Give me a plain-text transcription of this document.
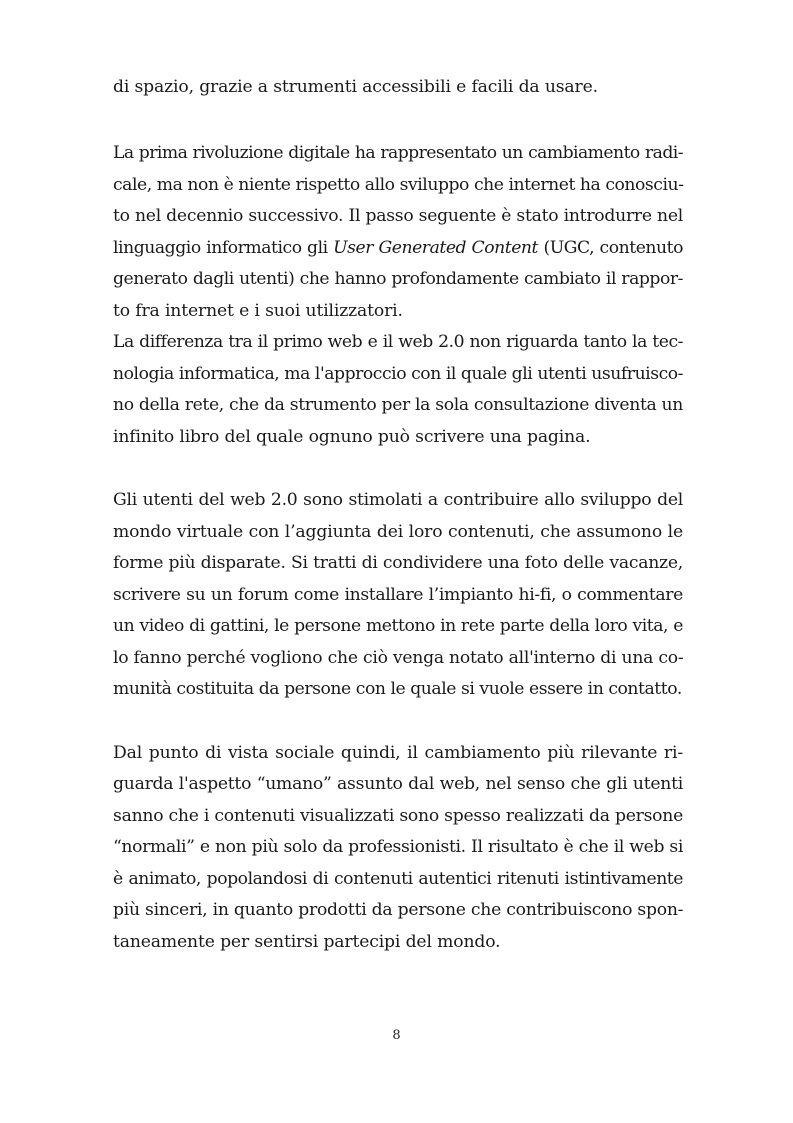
di spazio, grazie a strumenti accessibili e facili da usare.
La prima rivoluzione digitale ha rappresentato un cambiamento radi-
cale, ma non è niente rispetto allo sviluppo che internet ha conosciu-
to nel decennio successivo. Il passo seguente è stato introdurre nel
linguaggio informatico gli User Generated Content (UGC, contenuto
generato dagli utenti) che hanno profondamente cambiato il rappor-
to fra internet e i suoi utilizzatori.
La differenza tra il primo web e il web 2.0 non riguarda tanto la tec-
nologia informatica, ma l'approccio con il quale gli utenti usufruisco-
no della rete, che da strumento per la sola consultazione diventa un
infinito libro del quale ognuno può scrivere una pagina.
Gli utenti del web 2.0 sono stimolati a contribuire allo sviluppo del
mondo virtuale con l’aggiunta dei loro contenuti, che assumono le
forme più disparate. Si tratti di condividere una foto delle vacanze,
scrivere su un forum come installare l’impianto hi-fi, o commentare
un video di gattini, le persone mettono in rete parte della loro vita, e
lo fanno perché vogliono che ciò venga notato all'interno di una co-
munità costituita da persone con le quale si vuole essere in contatto.
Dal punto di vista sociale quindi, il cambiamento più rilevante ri-
guarda l'aspetto “umano” assunto dal web, nel senso che gli utenti
sanno che i contenuti visualizzati sono spesso realizzati da persone
“normali” e non più solo da professionisti. Il risultato è che il web si
è animato, popolandosi di contenuti autentici ritenuti istintivamente
più sinceri, in quanto prodotti da persone che contribuiscono spon-
taneamente per sentirsi partecipi del mondo.
8
